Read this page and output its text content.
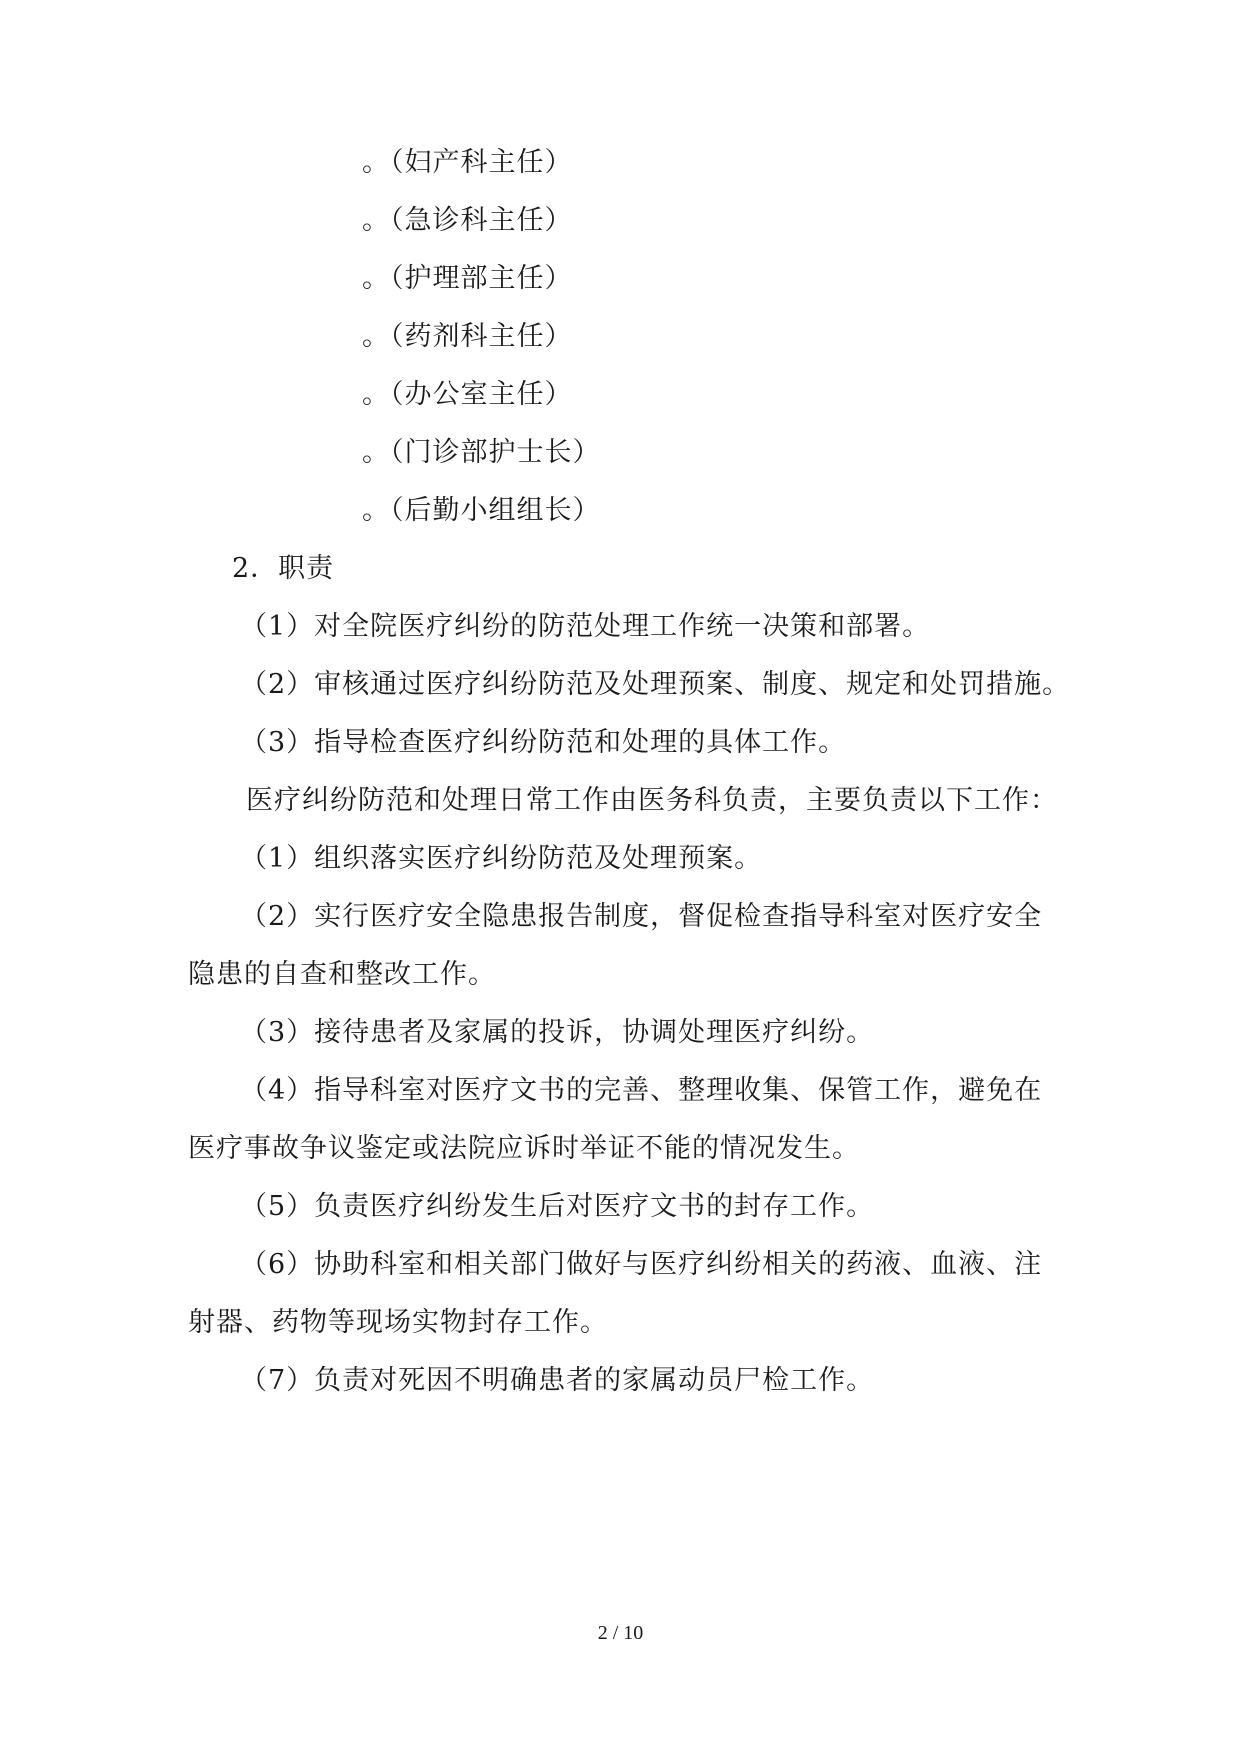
。（妇产科主任）
。（急诊科主任）
。（护理部主任）
。（药剂科主任）
。（办公室主任）
。（门诊部护士长）
。（后勤小组组长）
2．职责
（1）对全院医疗纠纷的防范处理工作统一决策和部署。
（2）审核通过医疗纠纷防范及处理预案、制度、规定和处罚措施。
（3）指导检查医疗纠纷防范和处理的具体工作。
医疗纠纷防范和处理日常工作由医务科负责，主要负责以下工作：
（1）组织落实医疗纠纷防范及处理预案。
（2）实行医疗安全隐患报告制度，督促检查指导科室对医疗安全
隐患的自查和整改工作。
（3）接待患者及家属的投诉，协调处理医疗纠纷。
（4）指导科室对医疗文书的完善、整理收集、保管工作，避免在
医疗事故争议鉴定或法院应诉时举证不能的情况发生。
（5）负责医疗纠纷发生后对医疗文书的封存工作。
（6）协助科室和相关部门做好与医疗纠纷相关的药液、血液、注
射器、药物等现场实物封存工作。
（7）负责对死因不明确患者的家属动员尸检工作。
2 / 10
